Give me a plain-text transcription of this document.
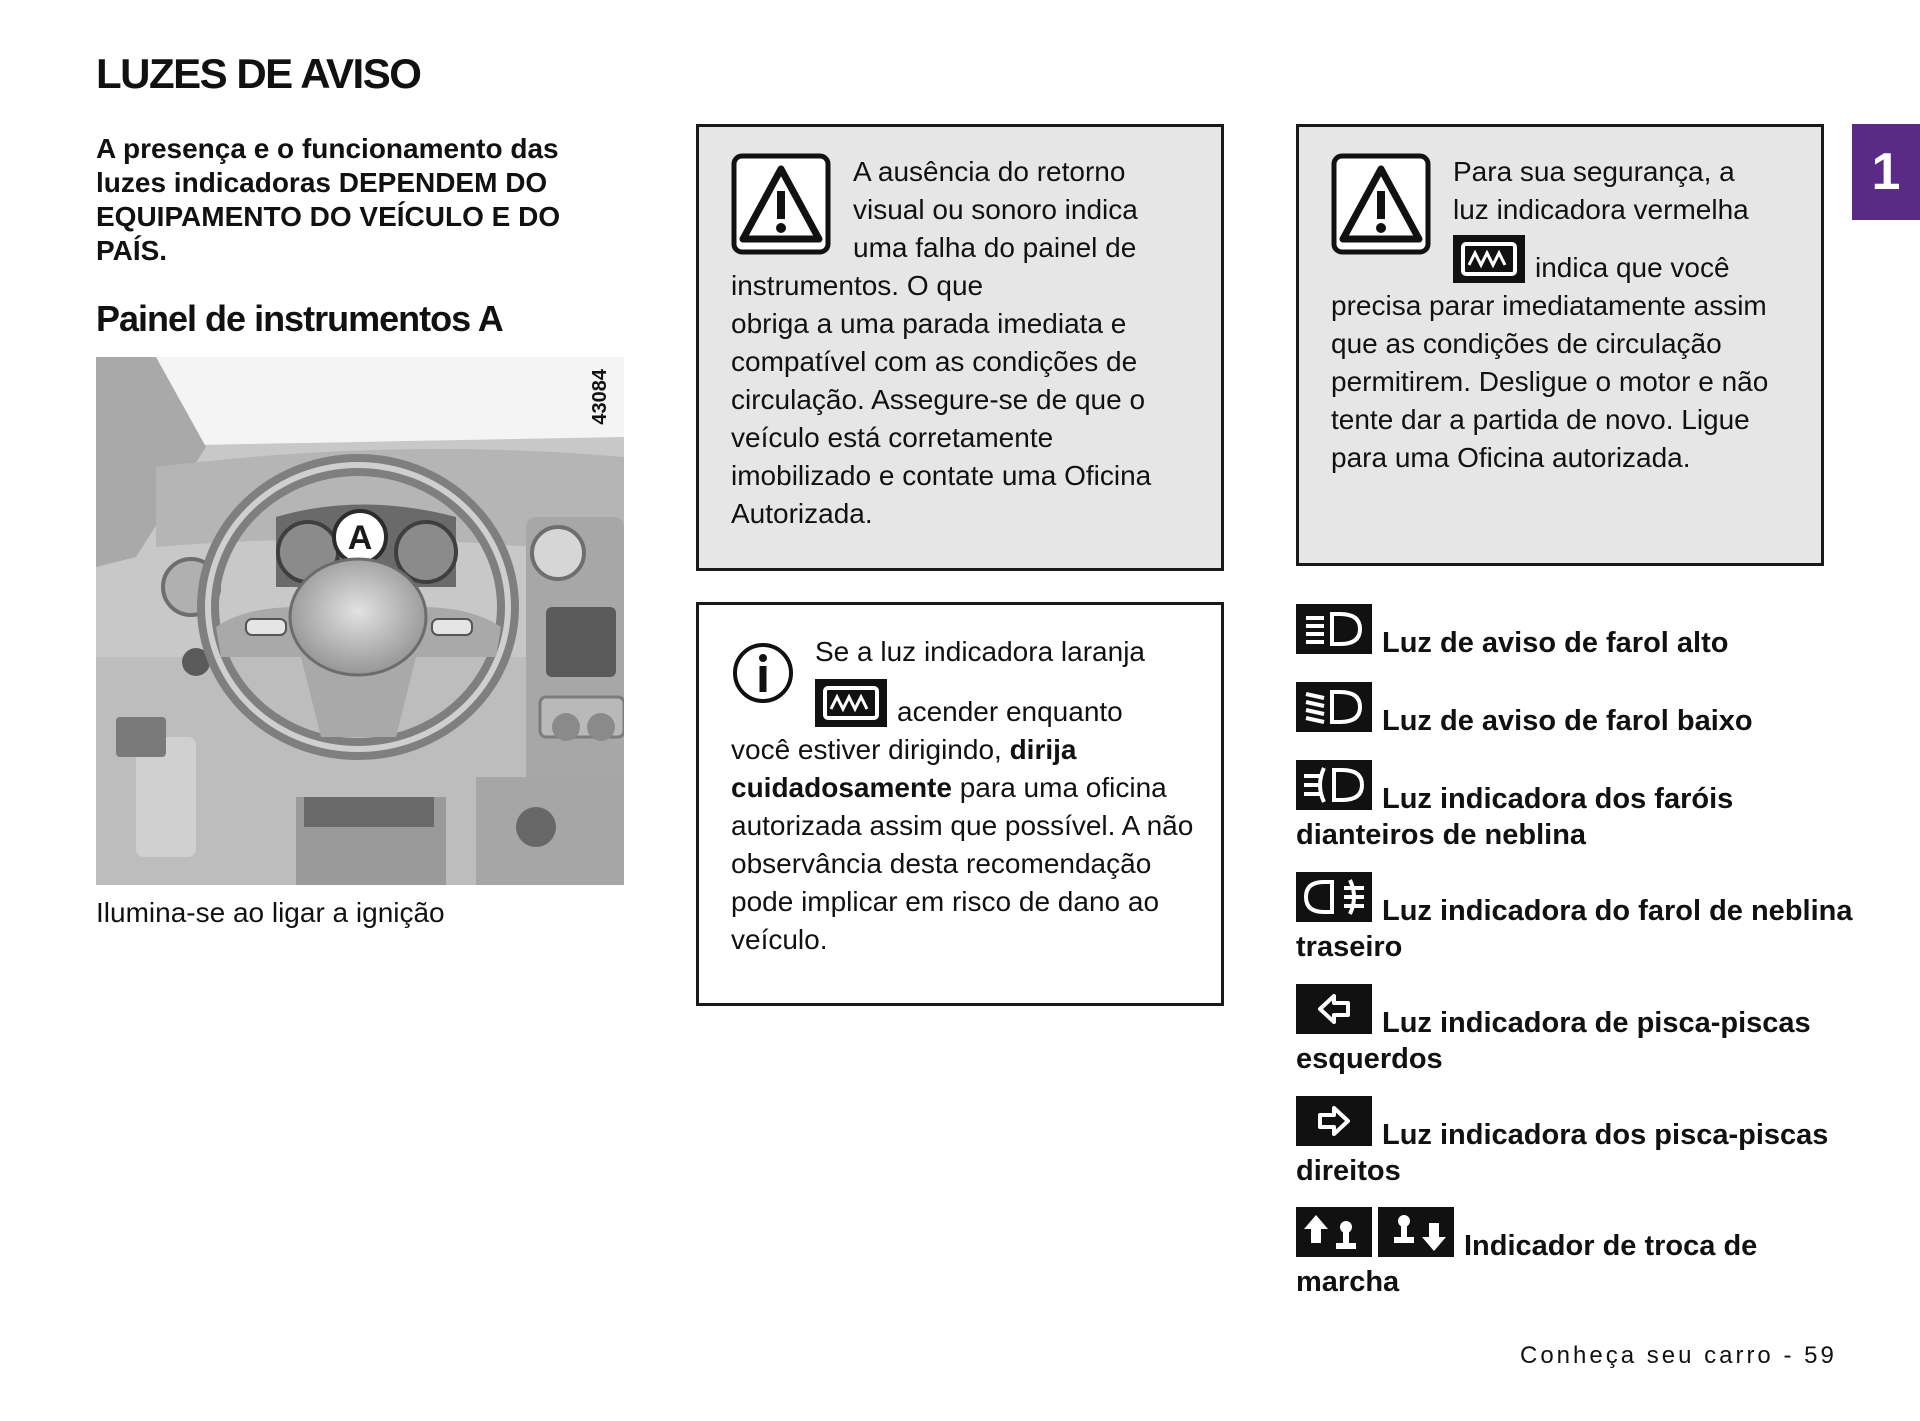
LUZES DE AVISO
A presença e o funcionamento das luzes indicadoras DEPENDEM DO EQUIPAMENTO DO VEÍCULO E DO PAÍS.
Painel de instrumentos A
A
43084
Ilumina-se ao ligar a ignição
A ausência do retorno
visual ou sonoro indica
uma falha do painel de
instrumentos. O que
obriga a uma parada imediata e compatível com as condições de circulação. Assegure-se de que o veículo está corretamente imobilizado e contate uma Oficina Autorizada.
Para sua segurança, a
luz indicadora vermelha
indica que você
precisa parar imediatamente assim que as condições de circulação permitirem. Desligue o motor e não tente dar a partida de novo. Ligue para uma Oficina autorizada.
Se a luz indicadora laranja
acender enquanto
você estiver dirigindo, dirija cuidadosamente para uma oficina autorizada assim que possível. A não observância desta recomendação pode implicar em risco de dano ao veículo.
Luz de aviso de farol alto
Luz de aviso de farol baixo
Luz indicadora dos faróis dianteiros de neblina
Luz indicadora do farol de neblina traseiro
Luz indicadora de pisca-piscas esquerdos
Luz indicadora dos pisca-piscas direitos
Indicador de troca de marcha
1
Conheça seu carro - 59
